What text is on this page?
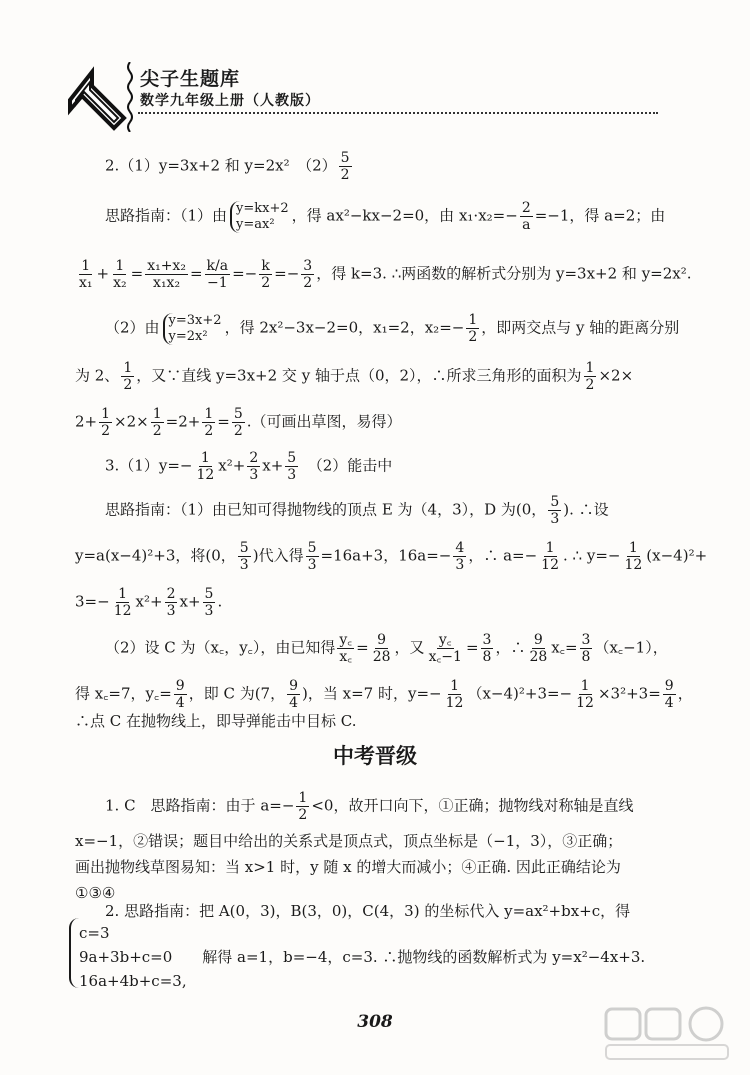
尖子生题库
数学九年级上册（人教版）
2.（1）y=3x+2 和 y=2x²　$(2) \frac{5}{2}$
思路指南：（1）由 y=kx+2
y=ax²	，得 ax²−kx−2=0，由 $x_1\cdot x_2=- \frac{2}{a} =-1$，得 a=2；由
$\frac{1}{\text{x₁}} + \frac{1}{\text{x₂}} = \frac{\text{x₁+x₂}}{\text{x₁x₂}} = \frac{k/a}{-1} =- \frac{k}{2} =- \frac{3}{2}$ ，得 k=3. ∴两函数的解析式分别为 y=3x+2 和 y=2x².
（2）由 y=3x+2
y=2x²	，得 2x²−3x−2=0，x₁=2，$x_2=- \frac{1}{2}$ ，即两交点与 y 轴的距离分别
为 2、 $\frac{1}{2}$ ，又∵直线 y=3x+2 交 y 轴于点（0，2），∴所求三角形的面积为 $\frac{1}{2} \times 2\times$
$2+ \frac{1}{2} \times 2\times \frac{1}{2} =2+ \frac{1}{2} = \frac{5}{2}$ .（可画出草图，易得）
$3.(1)y=- \frac{1}{12} x^2+ \frac{2}{3} x+ \frac{5}{3}$ 　（2）能击中
思路指南：（1）由已知可得抛物线的顶点 E 为（4，3），D 为(0， $\frac{5}{3}$ ). ∴设
y=a(x−4)²+3，将(0， $\frac{5}{3}$ )代入得 $\frac{5}{3} =16a+3$，$16a=- \frac{4}{3}$ ，∴ $a=- \frac{1}{12}$ . ∴ $y=- \frac{1}{12} (x-4)^2+$
$3=- \frac{1}{12} x^2+ \frac{2}{3} x+ \frac{5}{3}$ .
（2）设 C 为（x꜀，y꜀），由已知得 $\frac{y꜀}{x꜀} = \frac{9}{28}$ ，又 $\frac{y꜀}{x꜀-1} = \frac{3}{8}$ ，∴ $\frac{9}{28}$ x꜀= $\frac{3}{8}$ （x꜀−1），
得 x꜀=7，y꜀= $\frac{9}{4}$ ，即 C 为(7， $\frac{9}{4}$ )，当 x=7 时，$y=- \frac{1}{12} (x-4)^2+3=- \frac{1}{12} \times 3^2+3= \frac{9}{4}$ ，
∴点 C 在抛物线上，即导弹能击中目标 C.
中考晋级
1. C　思路指南：由于 $a=- \frac{1}{2} <0$，故开口向下，①正确；抛物线对称轴是直线
x=−1，②错误；题目中给出的关系式是顶点式，顶点坐标是（−1，3），③正确；
画出抛物线草图易知：当 x>1 时，y 随 x 的增大而减小；④正确. 因此正确结论为
①③④
2. 思路指南：把 A(0，3)，B(3，0)，C(4，3) 的坐标代入 y=ax²+bx+c，得
c=3
9a+3b+c=0　　解得 a=1，b=−4，c=3. ∴抛物线的函数解析式为 y=x²−4x+3.
16a+4b+c=3,
308
